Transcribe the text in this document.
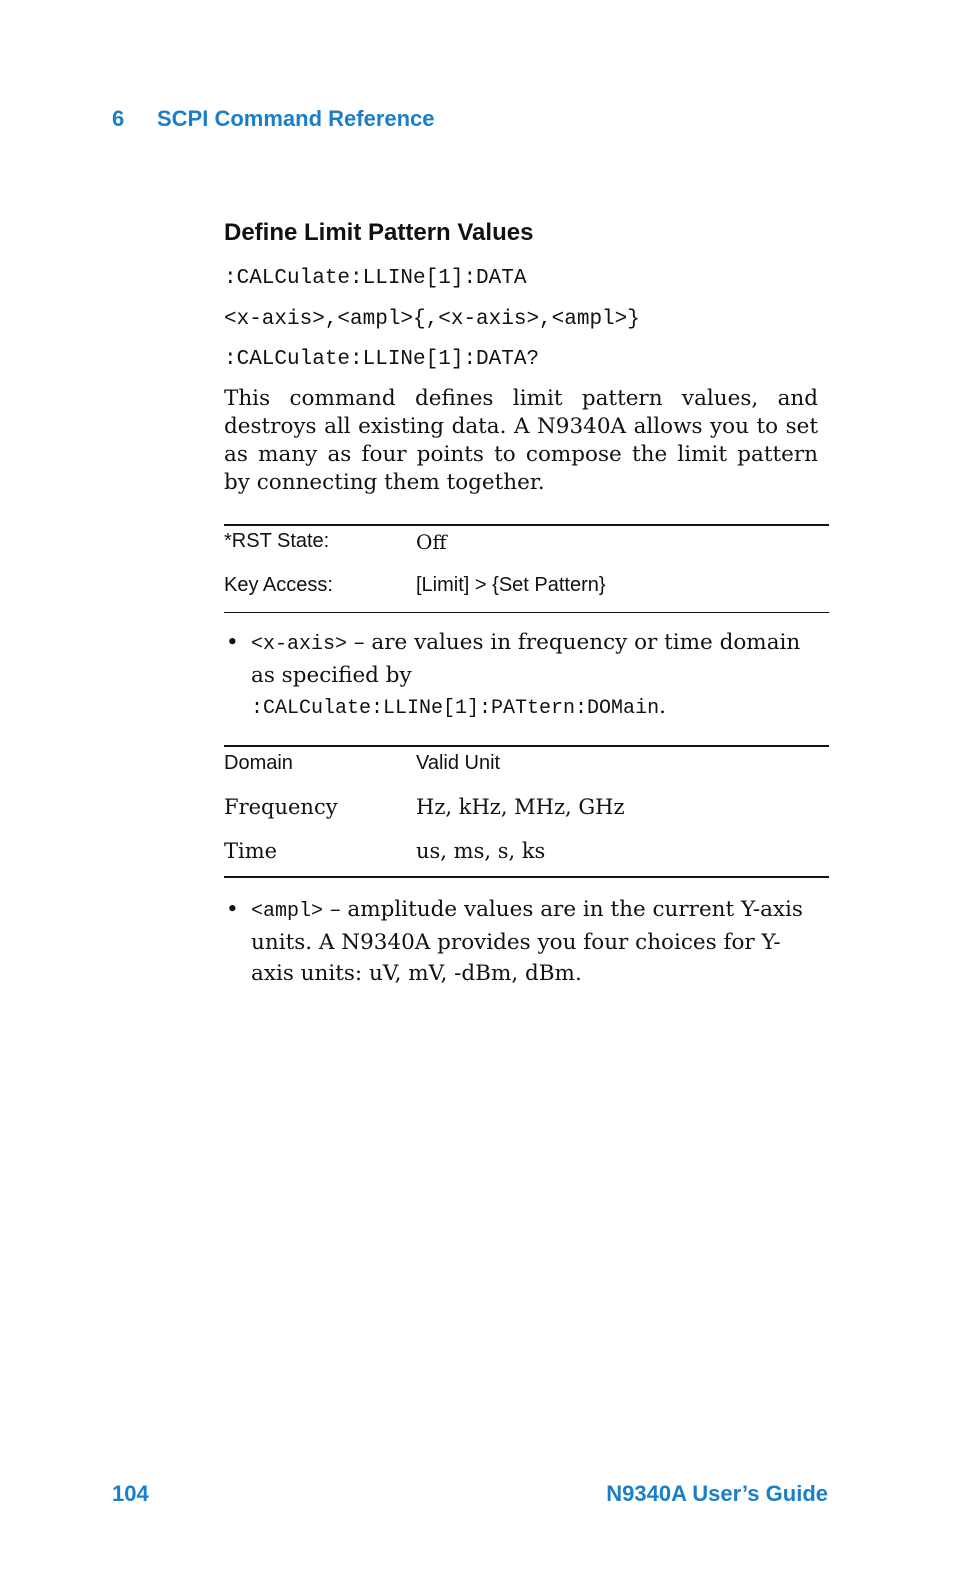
6 SCPI Command Reference
Define Limit Pattern Values
:CALCulate:LLINe[1]:DATA
<x-axis>,<ampl>{,<x-axis>,<ampl>}
:CALCulate:LLINe[1]:DATA?
This command defines limit pattern values, and destroys all existing data. A N9340A allows you to set as many as four points to compose the limit pattern by connecting them together.
*RST State:	Off
Key Access:	[Limit] > {Set Pattern}
• <x-axis> – are values in frequency or time domain as specified by :CALCulate:LLINe[1]:PATtern:DOMain.
Domain	Valid Unit
Frequency	Hz, kHz, MHz, GHz
Time	us, ms, s, ks
• <ampl> – amplitude values are in the current Y-axis units. A N9340A provides you four choices for Y-axis units: uV, mV, -dBm, dBm.
104	N9340A User’s Guide
